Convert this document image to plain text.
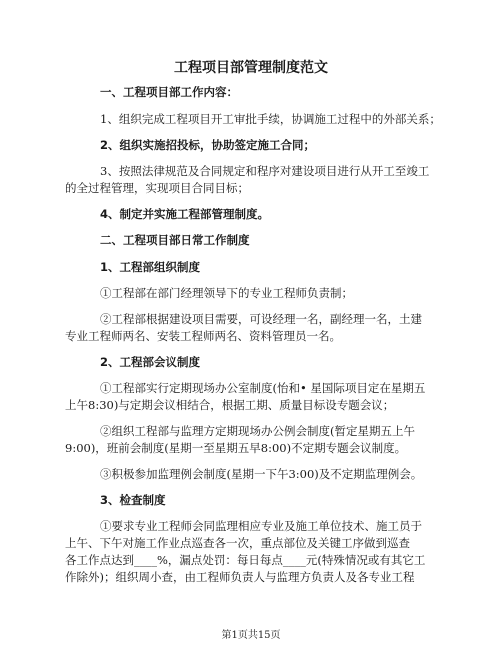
工程项目部管理制度范文
一、工程项目部工作内容：
1、组织完成工程项目开工审批手续，协调施工过程中的外部关系；
2、组织实施招投标，协助签定施工合同；
3、按照法律规范及合同规定和程序对建设项目进行从开工至竣工
的全过程管理，实现项目合同目标；
4、制定并实施工程部管理制度。
二、工程项目部日常工作制度
1、工程部组织制度
①工程部在部门经理领导下的专业工程师负责制；
②工程部根据建设项目需要，可设经理一名，副经理一名，土建
专业工程师两名、安装工程师两名、资料管理员一名。
2、工程部会议制度
①工程部实行定期现场办公室制度(怡和• 星国际项目定在星期五
上午8:30)与定期会议相结合，根据工期、质量目标设专题会议；
②组织工程部与监理方定期现场办公例会制度(暂定星期五上午
9:00)，班前会制度(星期一至星期五早8:00)不定期专题会议制度。
③积极参加监理例会制度(星期一下午3:00)及不定期监理例会。
3、检查制度
①要求专业工程师会同监理相应专业及施工单位技术、施工员于
上午、下午对施工作业点巡查各一次，重点部位及关键工序做到巡查
各工作点达到____%，漏点处罚：每日每点____元(特殊情况或有其它工
作除外)；组织周小查，由工程师负责人与监理方负责人及各专业工程
第1页共15页
